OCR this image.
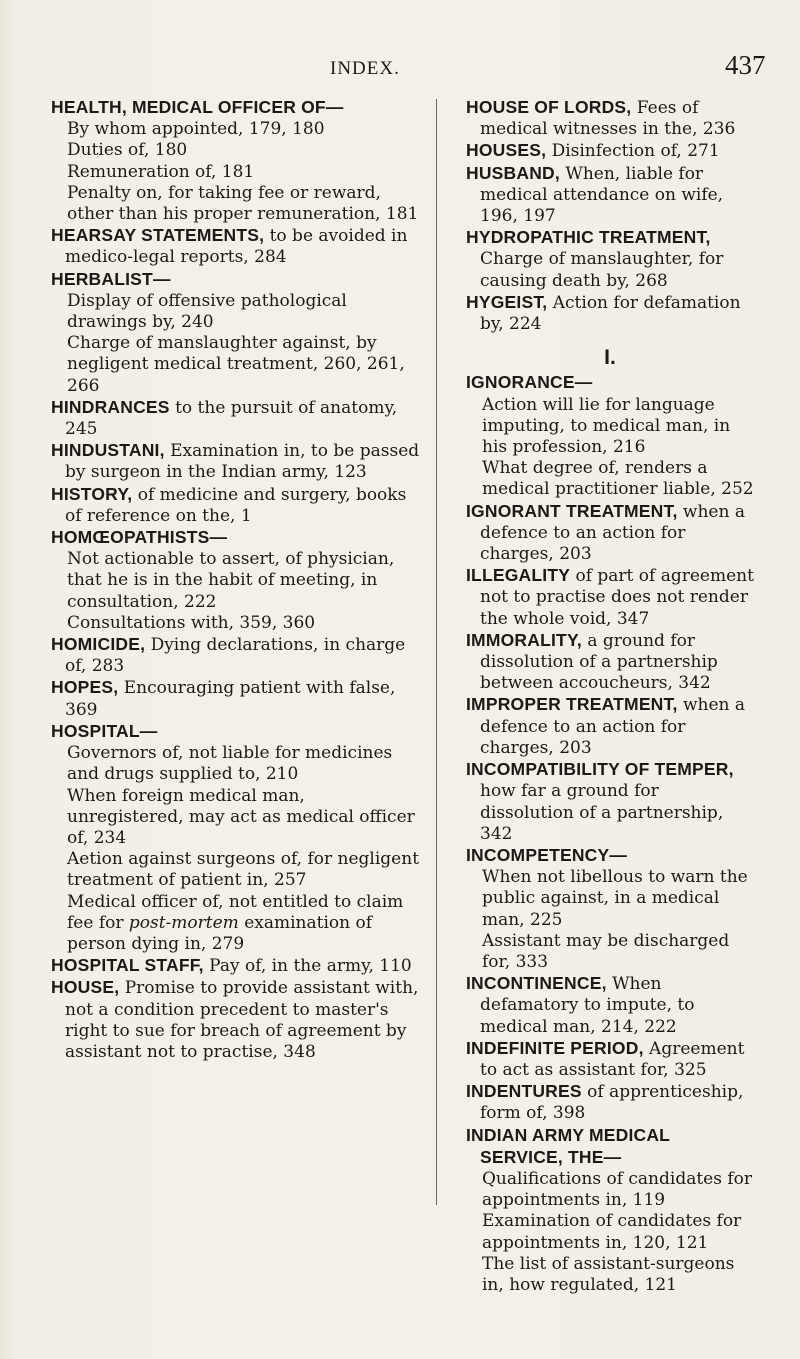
INDEX.	437

HEALTH, MEDICAL OFFICER OF—

By whom appointed, 179, 180

Duties of, 180

Remuneration of, 181

Penalty on, for taking fee or reward, other than his proper remuneration, 181

HEARSAY STATEMENTS, to be avoided in medico-legal reports, 284

HERBALIST—

Display of offensive pathological drawings by, 240

Charge of manslaughter against, by negligent medical treatment, 260, 261, 266

HINDRANCES to the pursuit of anatomy, 245

HINDUSTANI, Examination in, to be passed by surgeon in the Indian army, 123

HISTORY, of medicine and surgery, books of reference on the, 1

HOMŒOPATHISTS—

Not actionable to assert, of physician, that he is in the habit of meeting, in consultation, 222

Consultations with, 359, 360

HOMICIDE, Dying declarations, in charge of, 283

HOPES, Encouraging patient with false, 369

HOSPITAL—

Governors of, not liable for medicines and drugs supplied to, 210

When foreign medical man, unregistered, may act as medical officer of, 234

Aetion against surgeons of, for negligent treatment of patient in, 257

Medical officer of, not entitled to claim fee for post-mortem examination of person dying in, 279

HOSPITAL STAFF, Pay of, in the army, 110

HOUSE, Promise to provide assistant with, not a condition precedent to master's right to sue for breach of agreement by assistant not to practise, 348

HOUSE OF LORDS, Fees of medical witnesses in the, 236

HOUSES, Disinfection of, 271

HUSBAND, When, liable for medical attendance on wife, 196, 197

HYDROPATHIC TREATMENT, Charge of manslaughter, for causing death by, 268

HYGEIST, Action for defamation by, 224

I.

IGNORANCE—

Action will lie for language imputing, to medical man, in his profession, 216

What degree of, renders a medical practitioner liable, 252

IGNORANT TREATMENT, when a defence to an action for charges, 203

ILLEGALITY of part of agreement not to practise does not render the whole void, 347

IMMORALITY, a ground for dissolution of a partnership between accoucheurs, 342

IMPROPER TREATMENT, when a defence to an action for charges, 203

INCOMPATIBILITY OF TEMPER, how far a ground for dissolution of a partnership, 342

INCOMPETENCY—

When not libellous to warn the public against, in a medical man, 225

Assistant may be discharged for, 333

INCONTINENCE, When defamatory to impute, to medical man, 214, 222

INDEFINITE PERIOD, Agreement to act as assistant for, 325

INDENTURES of apprenticeship, form of, 398

INDIAN ARMY MEDICAL SERVICE, THE—

Qualifications of candidates for appointments in, 119

Examination of candidates for appointments in, 120, 121

The list of assistant-surgeons in, how regulated, 121
